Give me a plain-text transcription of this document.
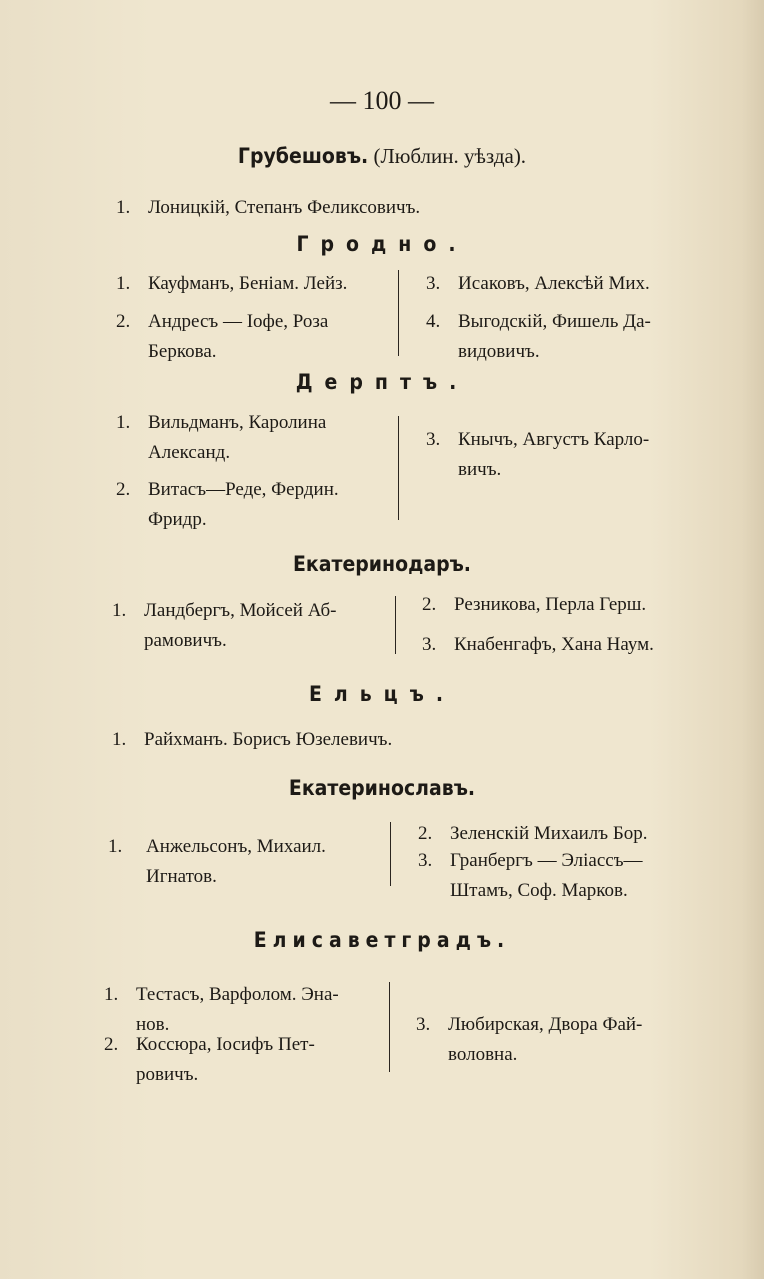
— 100 —
Грубешовъ. (Люблин. уѣзда).
1. Лоницкій, Степанъ Феликсовичъ.
Гродно.
1. Кауфманъ, Беніам. Лейз.
2. Андресъ — Іофе, Роза
Беркова.
3. Исаковъ, Алексѣй Мих.
4. Выгодскій, Фишель Да-
видовичъ.
Дерптъ.
1. Вильдманъ, Каролина
Александ.
2. Витасъ—Реде, Фердин.
Фридр.
3. Кнычъ, Августъ Карло-
вичъ.
Екатеринодаръ.
1. Ландбергъ, Мойсей Аб-
рамовичъ.
2. Резникова, Перла Герш.
3. Кнабенгафъ, Хана Наум.
Ельцъ.
1. Райхманъ. Борисъ Юзелевичъ.
Екатеринославъ.
1. Анжельсонъ, Михаил.
Игнатов.
2. Зеленскій Михаилъ Бор.
3. Гранбергъ — Эліассъ—
Штамъ, Соф. Марков.
Елисаветградъ.
1. Тестасъ, Варфолом. Эна-
нов.
2. Коссюра, Іосифъ Пет-
ровичъ.
3. Любирская, Двора Фай-
воловна.
